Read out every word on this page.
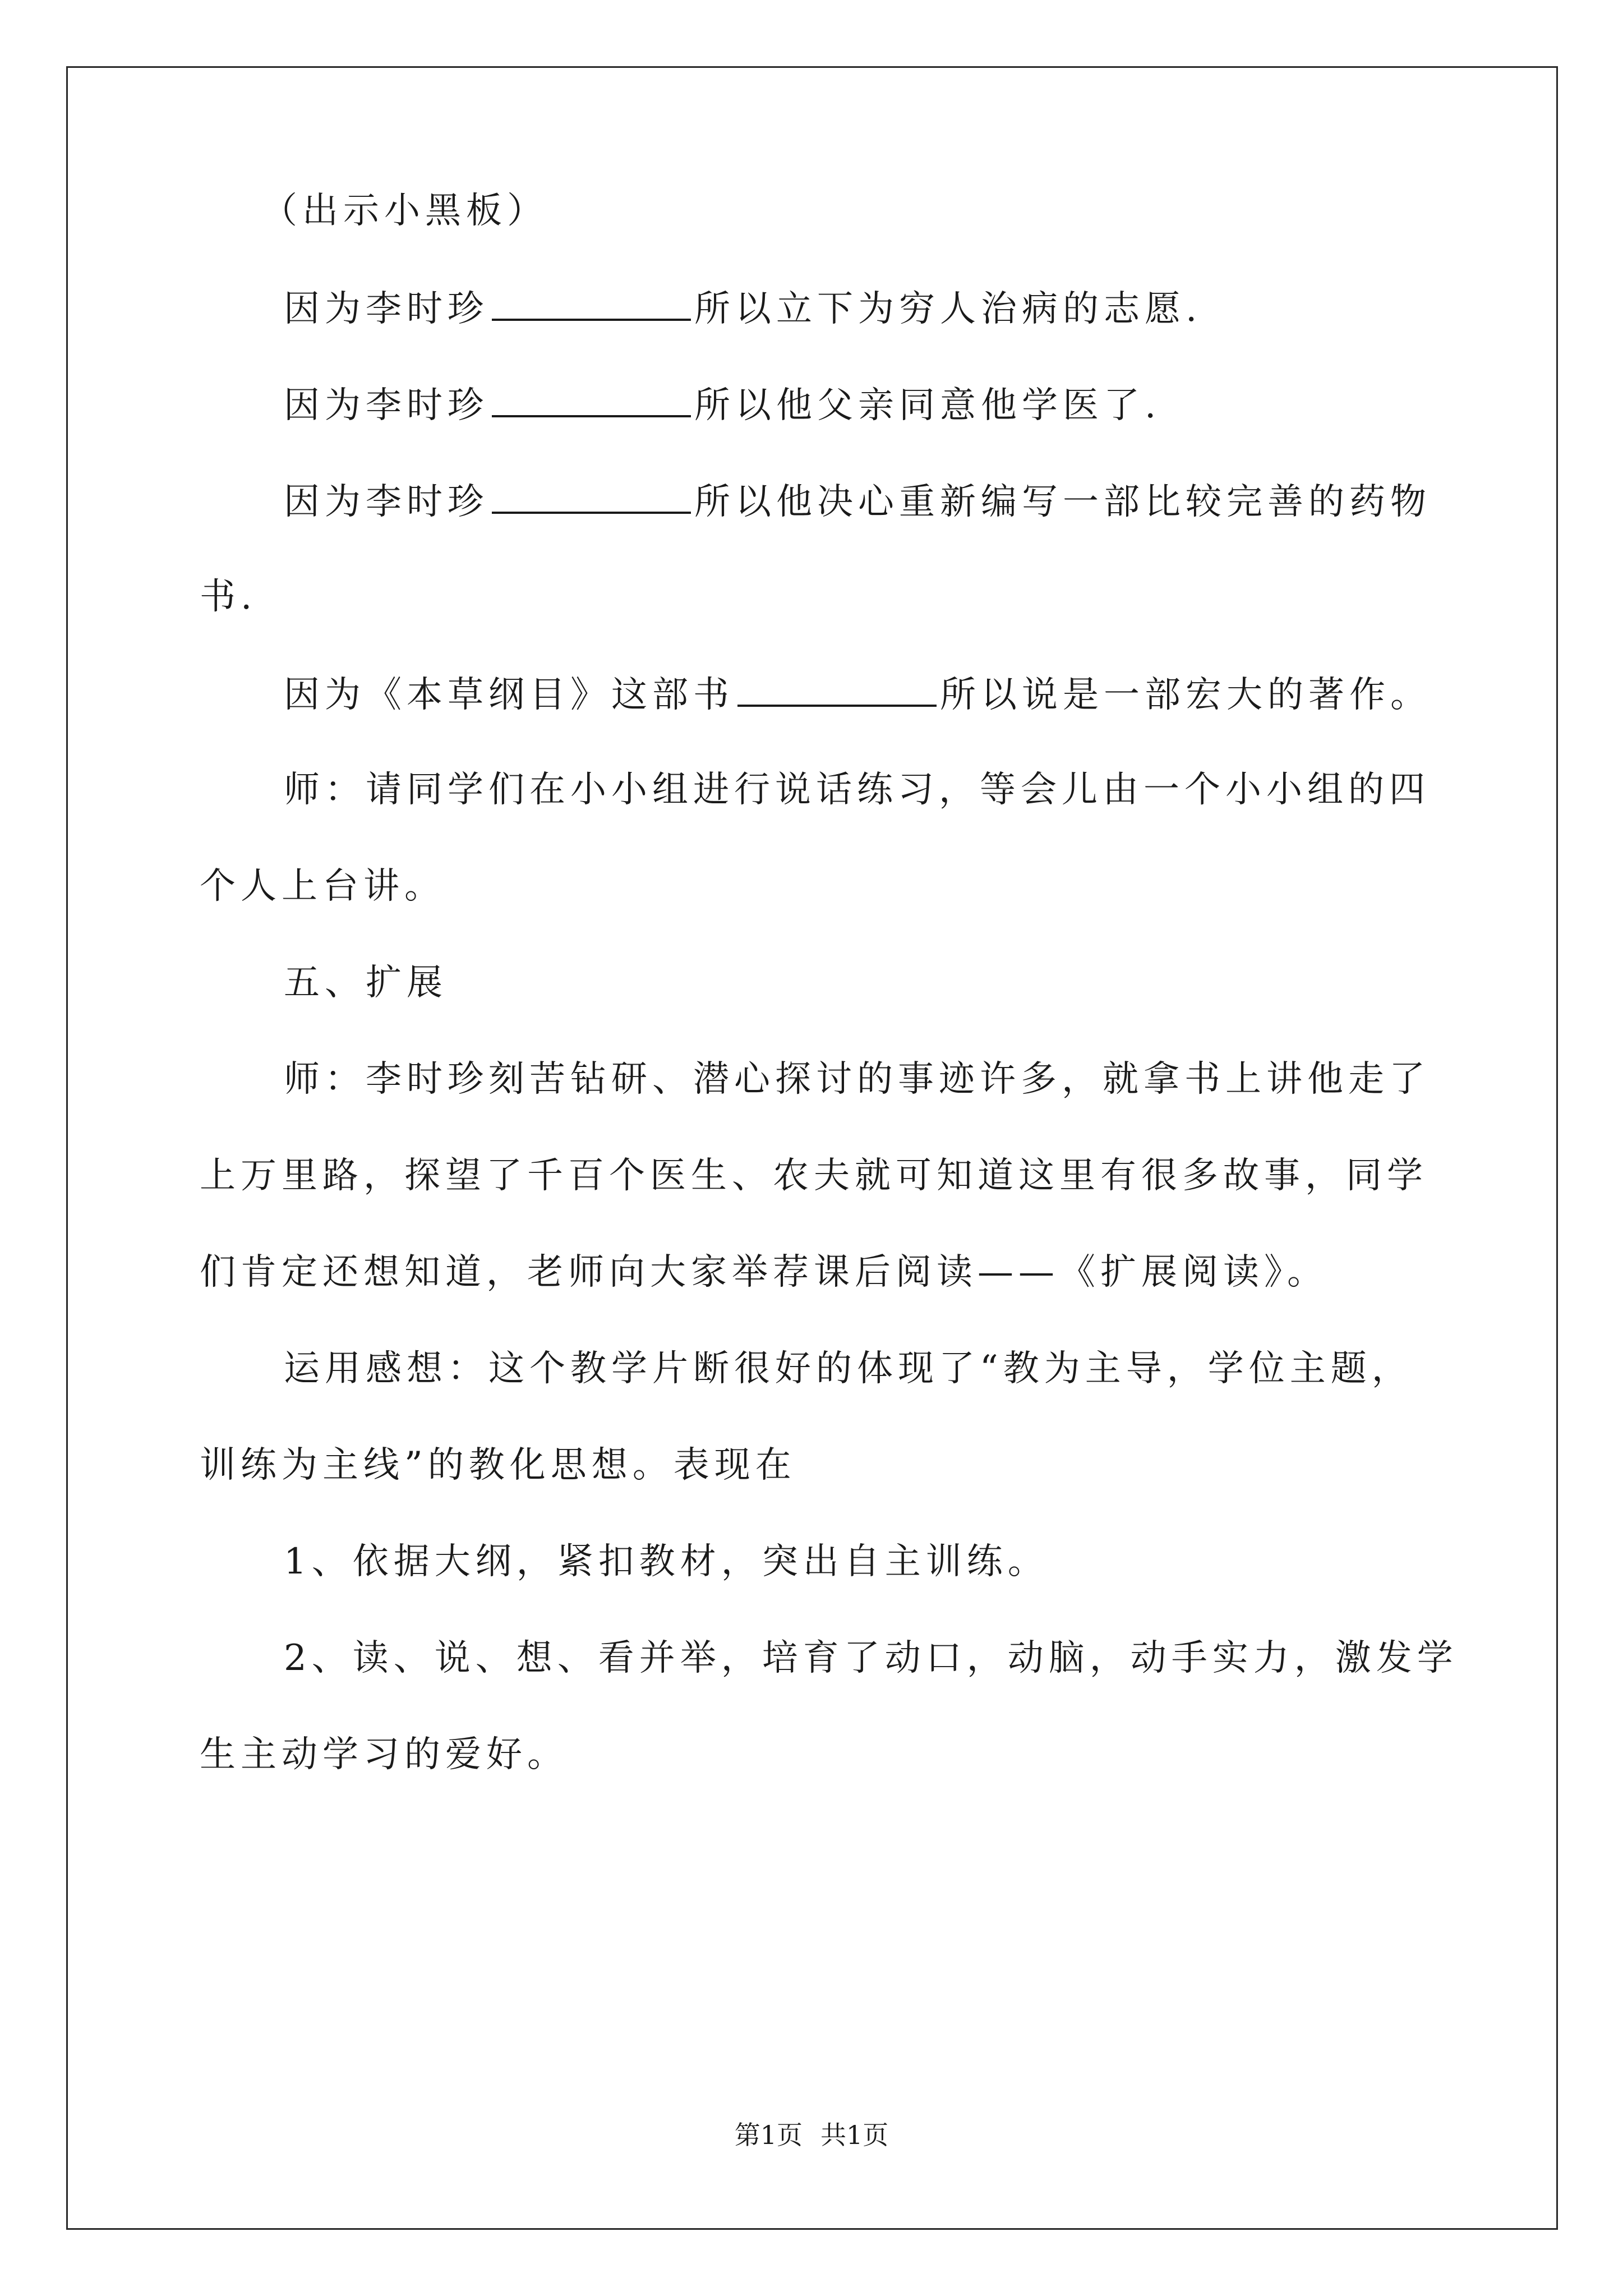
（出示小黑板）
因为李时珍	所以立下为穷人治病的志愿.
因为李时珍	所以他父亲同意他学医了.
因为李时珍	所以他决心重新编写一部比较完善的药物
书.
因为《本草纲目》这部书	所以说是一部宏大的著作。
师：请同学们在小小组进行说话练习，等会儿由一个小小组的四
个人上台讲。
五、扩展
师：李时珍刻苦钻研、潜心探讨的事迹许多，就拿书上讲他走了
上万里路，探望了千百个医生、农夫就可知道这里有很多故事，同学
们肯定还想知道，老师向大家举荐课后阅读——《扩展阅读》。
运用感想：这个教学片断很好的体现了“教为主导，学位主题，
训练为主线”的教化思想。表现在
1、依据大纲，紧扣教材，突出自主训练。
2、读、说、想、看并举，培育了动口，动脑，动手实力，激发学
生主动学习的爱好。
第1页 共1页
